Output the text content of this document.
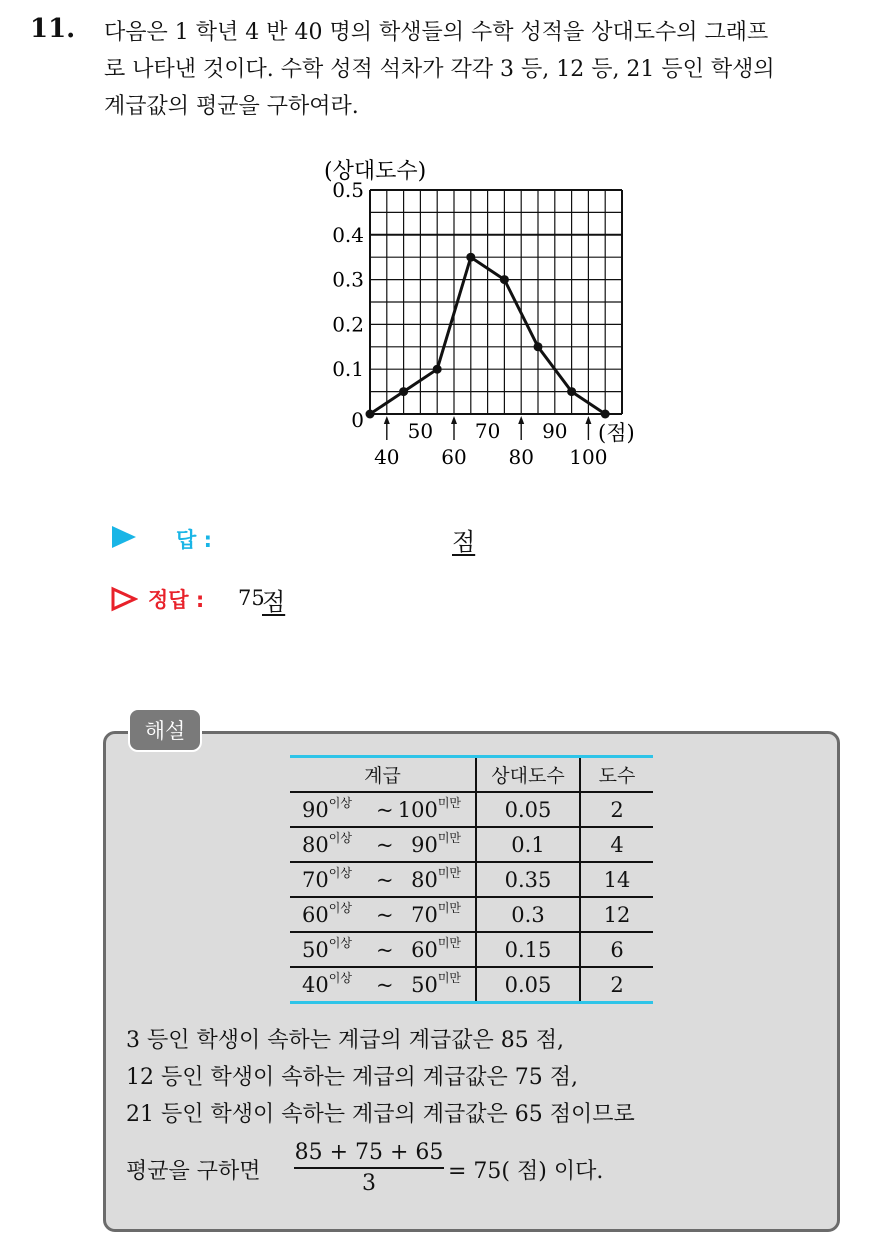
11. 다음은 1 학년 4 반 40 명의 학생들의 수학 성적을 상대도수의 그래프
로 나타낸 것이다. 수학 성적 석차가 각각 3 등, 12 등, 21 등인 학생의
계급값의 평균을 구하여라.
0
0.1
0.2
0.3
0.4
0.5
50 70 90
40 60 80 100
(상대도수)
(점)
답 :	점
정답 : 75
점
해설
계급	상대도수	도수

$90^{이상}$ ~ $100^{미만}$	0.05	2

$80^{이상}$ ~ $90^{미만}$	0.1	4

$70^{이상}$ ~ $80^{미만}$	0.35	14

$60^{이상}$ ~ $70^{미만}$	0.3	12

$50^{이상}$ ~ $60^{미만}$	0.15	6

$40^{이상}$ ~ $50^{미만}$	0.05	2
3 등인 학생이 속하는 계급의 계급값은 85 점,
12 등인 학생이 속하는 계급의 계급값은 75 점,
21 등인 학생이 속하는 계급의 계급값은 65 점이므로
평균을 구하면 $\frac{85 + 75 + 65}{3} = 75$( 점) 이다.
